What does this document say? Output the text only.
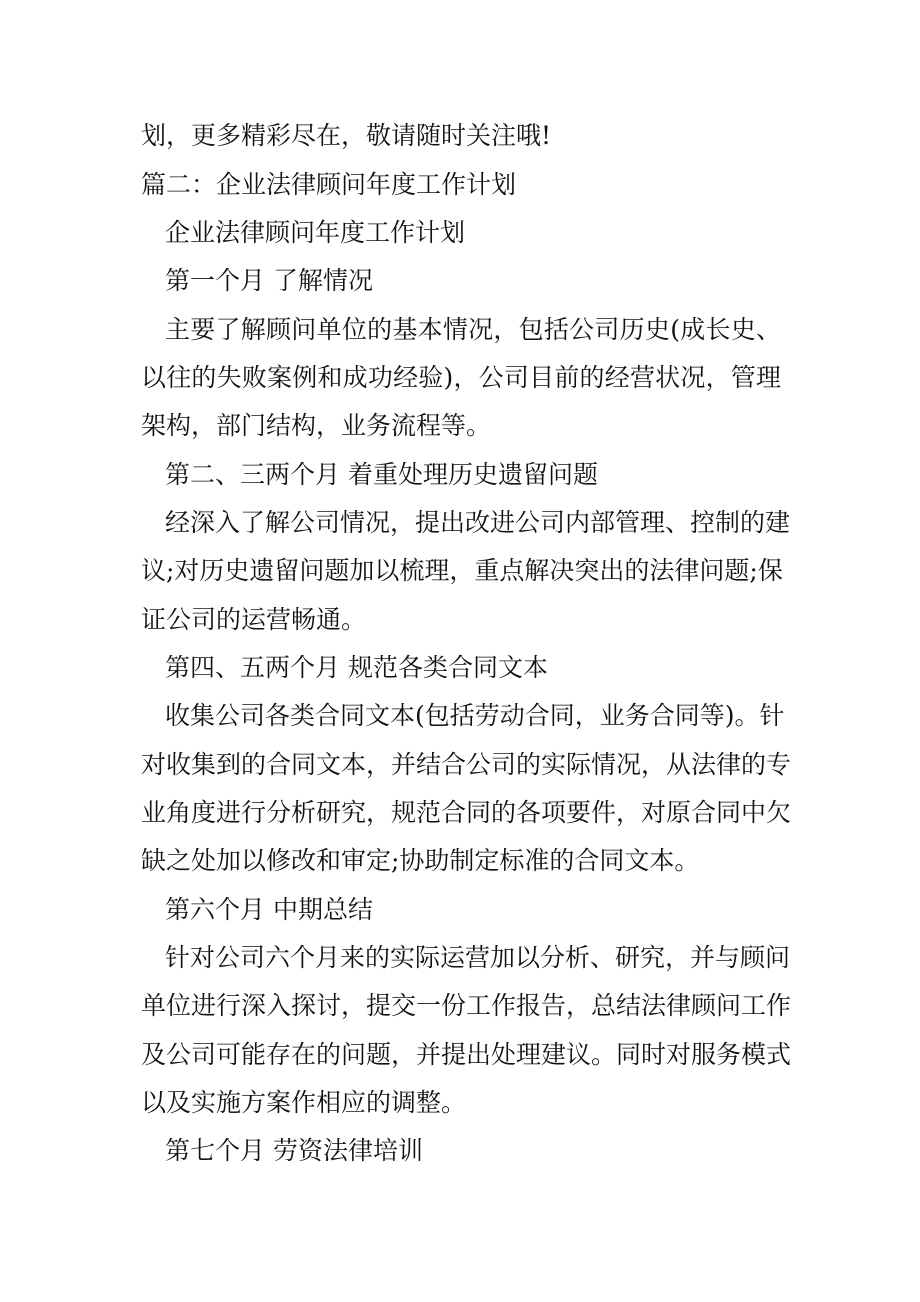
划，更多精彩尽在，敬请随时关注哦!

篇二：企业法律顾问年度工作计划

企业法律顾问年度工作计划

第一个月 了解情况

主要了解顾问单位的基本情况，包括公司历史(成长史、

以往的失败案例和成功经验)，公司目前的经营状况，管理

架构，部门结构，业务流程等。

第二、三两个月 着重处理历史遗留问题

经深入了解公司情况，提出改进公司内部管理、控制的建

议;对历史遗留问题加以梳理，重点解决突出的法律问题;保

证公司的运营畅通。

第四、五两个月 规范各类合同文本

收集公司各类合同文本(包括劳动合同，业务合同等)。针

对收集到的合同文本，并结合公司的实际情况，从法律的专

业角度进行分析研究，规范合同的各项要件，对原合同中欠

缺之处加以修改和审定;协助制定标准的合同文本。

第六个月 中期总结

针对公司六个月来的实际运营加以分析、研究，并与顾问

单位进行深入探讨，提交一份工作报告，总结法律顾问工作

及公司可能存在的问题，并提出处理建议。同时对服务模式

以及实施方案作相应的调整。

第七个月 劳资法律培训
